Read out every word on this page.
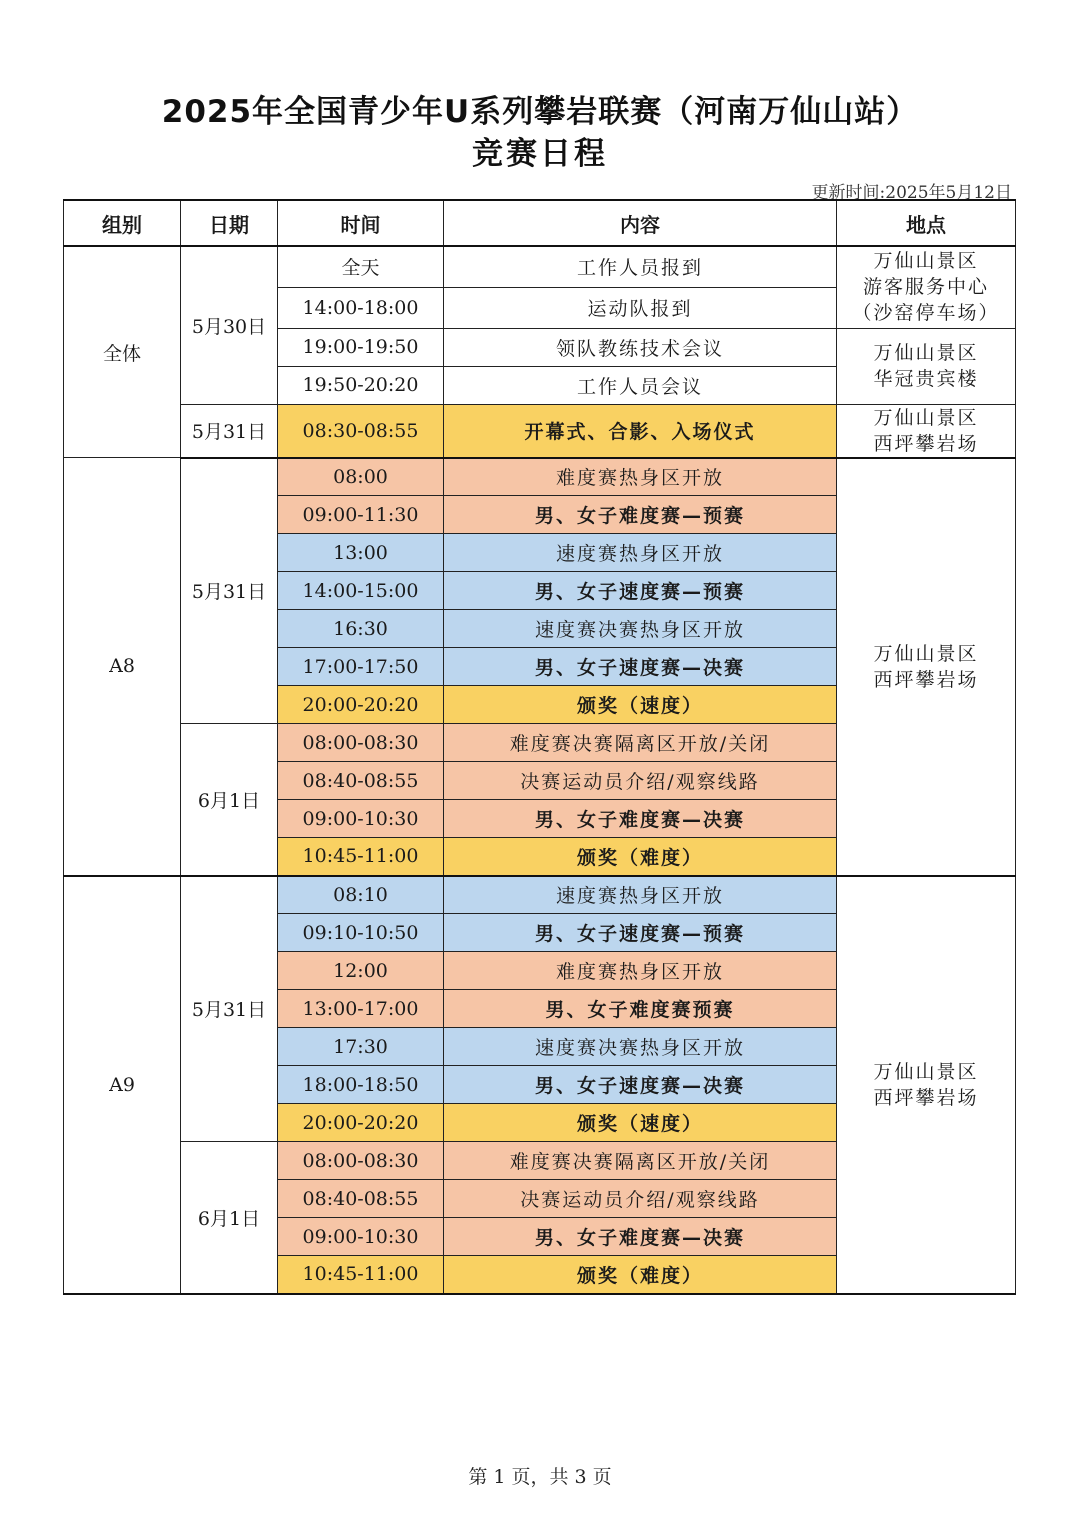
2025年全国青少年U系列攀岩联赛（河南万仙山站）
竞赛日程
更新时间:2025年5月12日
组别	日期	时间	内容	地点
全体	5月30日	全天	工作人员报到	万仙山景区
游客服务中心
（沙窑停车场）

		14:00-18:00	运动队报到	
		19:00-19:50	领队教练技术会议	万仙山景区
华冠贵宾楼

		19:50-20:20	工作人员会议	
	5月31日	08:30-08:55	开幕式、合影、入场仪式	万仙山景区
西坪攀岩场

A8	5月31日	08:00	难度赛热身区开放	万仙山景区
西坪攀岩场

		09:00-11:30	男、女子难度赛—预赛	
		13:00	速度赛热身区开放	
		14:00-15:00	男、女子速度赛—预赛	
		16:30	速度赛决赛热身区开放	
		17:00-17:50	男、女子速度赛—决赛	
		20:00-20:20	颁奖（速度）	
	6月1日	08:00-08:30	难度赛决赛隔离区开放/关闭	
		08:40-08:55	决赛运动员介绍/观察线路	
		09:00-10:30	男、女子难度赛—决赛	
		10:45-11:00	颁奖（难度）	
A9	5月31日	08:10	速度赛热身区开放	万仙山景区
西坪攀岩场

		09:10-10:50	男、女子速度赛—预赛	
		12:00	难度赛热身区开放	
		13:00-17:00	男、女子难度赛预赛	
		17:30	速度赛决赛热身区开放	
		18:00-18:50	男、女子速度赛—决赛	
		20:00-20:20	颁奖（速度）	
	6月1日	08:00-08:30	难度赛决赛隔离区开放/关闭	
		08:40-08:55	决赛运动员介绍/观察线路	
		09:00-10:30	男、女子难度赛—决赛	
		10:45-11:00	颁奖（难度）	
第 1 页，共 3 页
